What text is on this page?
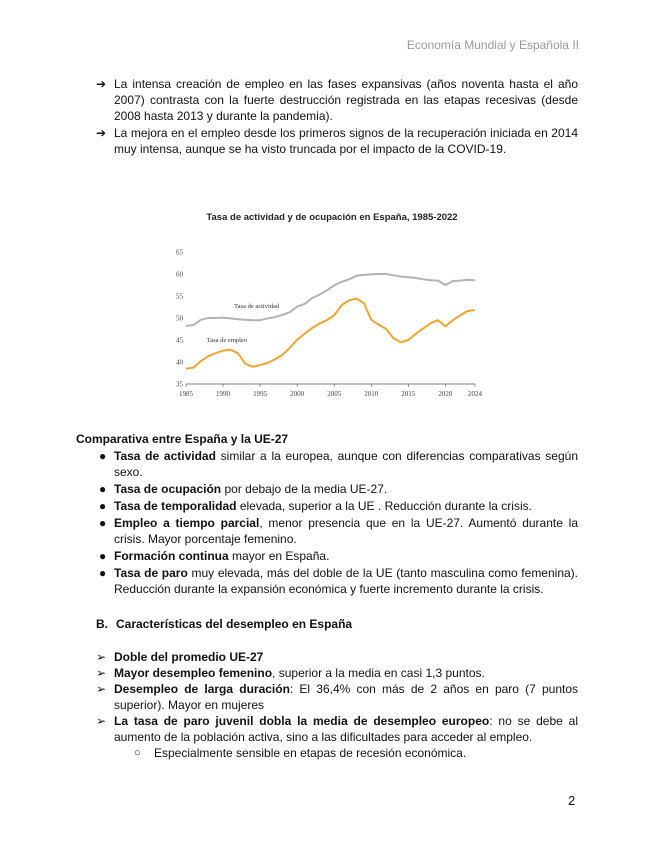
Economía Mundial y Española II
➔ La intensa creación de empleo en las fases expansivas (años noventa hasta el año 2007) contrasta con la fuerte destrucción registrada en las etapas recesivas (desde 2008 hasta 2013 y durante la pandemia).
➔ La mejora en el empleo desde los primeros signos de la recuperación iniciada en 2014 muy intensa, aunque se ha visto truncada por el impacto de la COVID-19.
Tasa de actividad y de ocupación en España, 1985-2022
1985	1990	1995	2000	2005	2010	2015	2020 2024
35
40
45
50
55
60
65
Tasa de actividad
Tasa de empleo
Comparativa entre España y la UE-27
● Tasa de actividad similar a la europea, aunque con diferencias comparativas según sexo.
● Tasa de ocupación por debajo de la media UE-27.
● Tasa de temporalidad elevada, superior a la UE . Reducción durante la crisis.
● Empleo a tiempo parcial, menor presencia que en la UE-27. Aumentó durante la crisis. Mayor porcentaje femenino.
● Formación continua mayor en España.
● Tasa de paro muy elevada, más del doble de la UE (tanto masculina como femenina). Reducción durante la expansión económica y fuerte incremento durante la crisis.
B. Características del desempleo en España
➢ Doble del promedio UE-27
➢ Mayor desempleo femenino, superior a la media en casi 1,3 puntos.
➢ Desempleo de larga duración: El 36,4% con más de 2 años en paro (7 puntos superior). Mayor en mujeres
➢ La tasa de paro juvenil dobla la media de desempleo europeo: no se debe al aumento de la población activa, sino a las dificultades para acceder al empleo.
○ Especialmente sensible en etapas de recesión económica.
2
